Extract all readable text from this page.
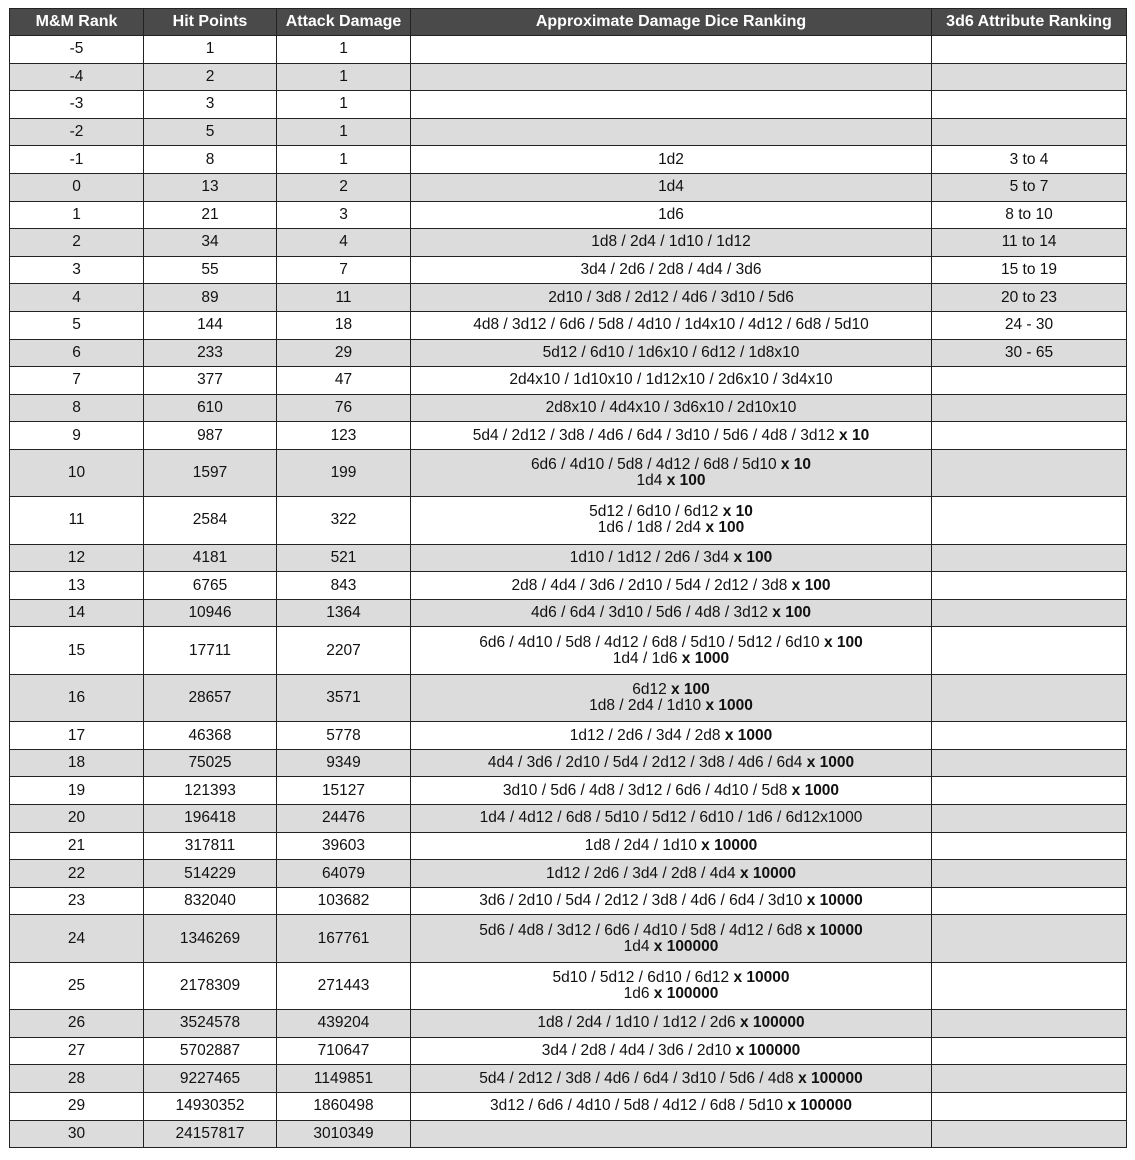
M&M Rank	Hit Points	Attack Damage	Approximate Damage Dice Ranking	3d6 Attribute Ranking
-5	1	1		
-4	2	1		
-3	3	1		
-2	5	1		
-1	8	1	1d2	3 to 4
0	13	2	1d4	5 to 7
1	21	3	1d6	8 to 10
2	34	4	1d8 / 2d4 / 1d10 / 1d12	11 to 14
3	55	7	3d4 / 2d6 / 2d8 / 4d4 / 3d6	15 to 19
4	89	11	2d10 / 3d8 / 2d12 / 4d6 / 3d10 / 5d6	20 to 23
5	144	18	4d8 / 3d12 / 6d6 / 5d8 / 4d10 / 1d4x10 / 4d12 / 6d8 / 5d10	24 - 30
6	233	29	5d12 / 6d10 / 1d6x10 / 6d12 / 1d8x10	30 - 65
7	377	47	2d4x10 / 1d10x10 / 1d12x10 / 2d6x10 / 3d4x10	

8	610	76	2d8x10 / 4d4x10 / 3d6x10 / 2d10x10	

9	987	123	5d4 / 2d12 / 3d8 / 4d6 / 6d4 / 3d10 / 5d6 / 4d8 / 3d12 x 10	

10	1597	199	6d6 / 4d10 / 5d8 / 4d12 / 6d8 / 5d10 x 10
1d4 x 100	

11	2584	322	5d12 / 6d10 / 6d12 x 10
1d6 / 1d8 / 2d4 x 100	

12	4181	521	1d10 / 1d12 / 2d6 / 3d4 x 100	

13	6765	843	2d8 / 4d4 / 3d6 / 2d10 / 5d4 / 2d12 / 3d8 x 100	

14	10946	1364	4d6 / 6d4 / 3d10 / 5d6 / 4d8 / 3d12 x 100	

15	17711	2207	6d6 / 4d10 / 5d8 / 4d12 / 6d8 / 5d10 / 5d12 / 6d10 x 100
1d4 / 1d6 x 1000	

16	28657	3571	6d12 x 100
1d8 / 2d4 / 1d10 x 1000	

17	46368	5778	1d12 / 2d6 / 3d4 / 2d8 x 1000	

18	75025	9349	4d4 / 3d6 / 2d10 / 5d4 / 2d12 / 3d8 / 4d6 / 6d4 x 1000	

19	121393	15127	3d10 / 5d6 / 4d8 / 3d12 / 6d6 / 4d10 / 5d8 x 1000	

20	196418	24476	1d4 / 4d12 / 6d8 / 5d10 / 5d12 / 6d10 / 1d6 / 6d12x1000	

21	317811	39603	1d8 / 2d4 / 1d10 x 10000	

22	514229	64079	1d12 / 2d6 / 3d4 / 2d8 / 4d4 x 10000	

23	832040	103682	3d6 / 2d10 / 5d4 / 2d12 / 3d8 / 4d6 / 6d4 / 3d10 x 10000	

24	1346269	167761	5d6 / 4d8 / 3d12 / 6d6 / 4d10 / 5d8 / 4d12 / 6d8 x 10000
1d4 x 100000	

25	2178309	271443	5d10 / 5d12 / 6d10 / 6d12 x 10000
1d6 x 100000	

26	3524578	439204	1d8 / 2d4 / 1d10 / 1d12 / 2d6 x 100000	

27	5702887	710647	3d4 / 2d8 / 4d4 / 3d6 / 2d10 x 100000	

28	9227465	1149851	5d4 / 2d12 / 3d8 / 4d6 / 6d4 / 3d10 / 5d6 / 4d8 x 100000	

29	14930352	1860498	3d12 / 6d6 / 4d10 / 5d8 / 4d12 / 6d8 / 5d10 x 100000	

30	24157817	3010349		
